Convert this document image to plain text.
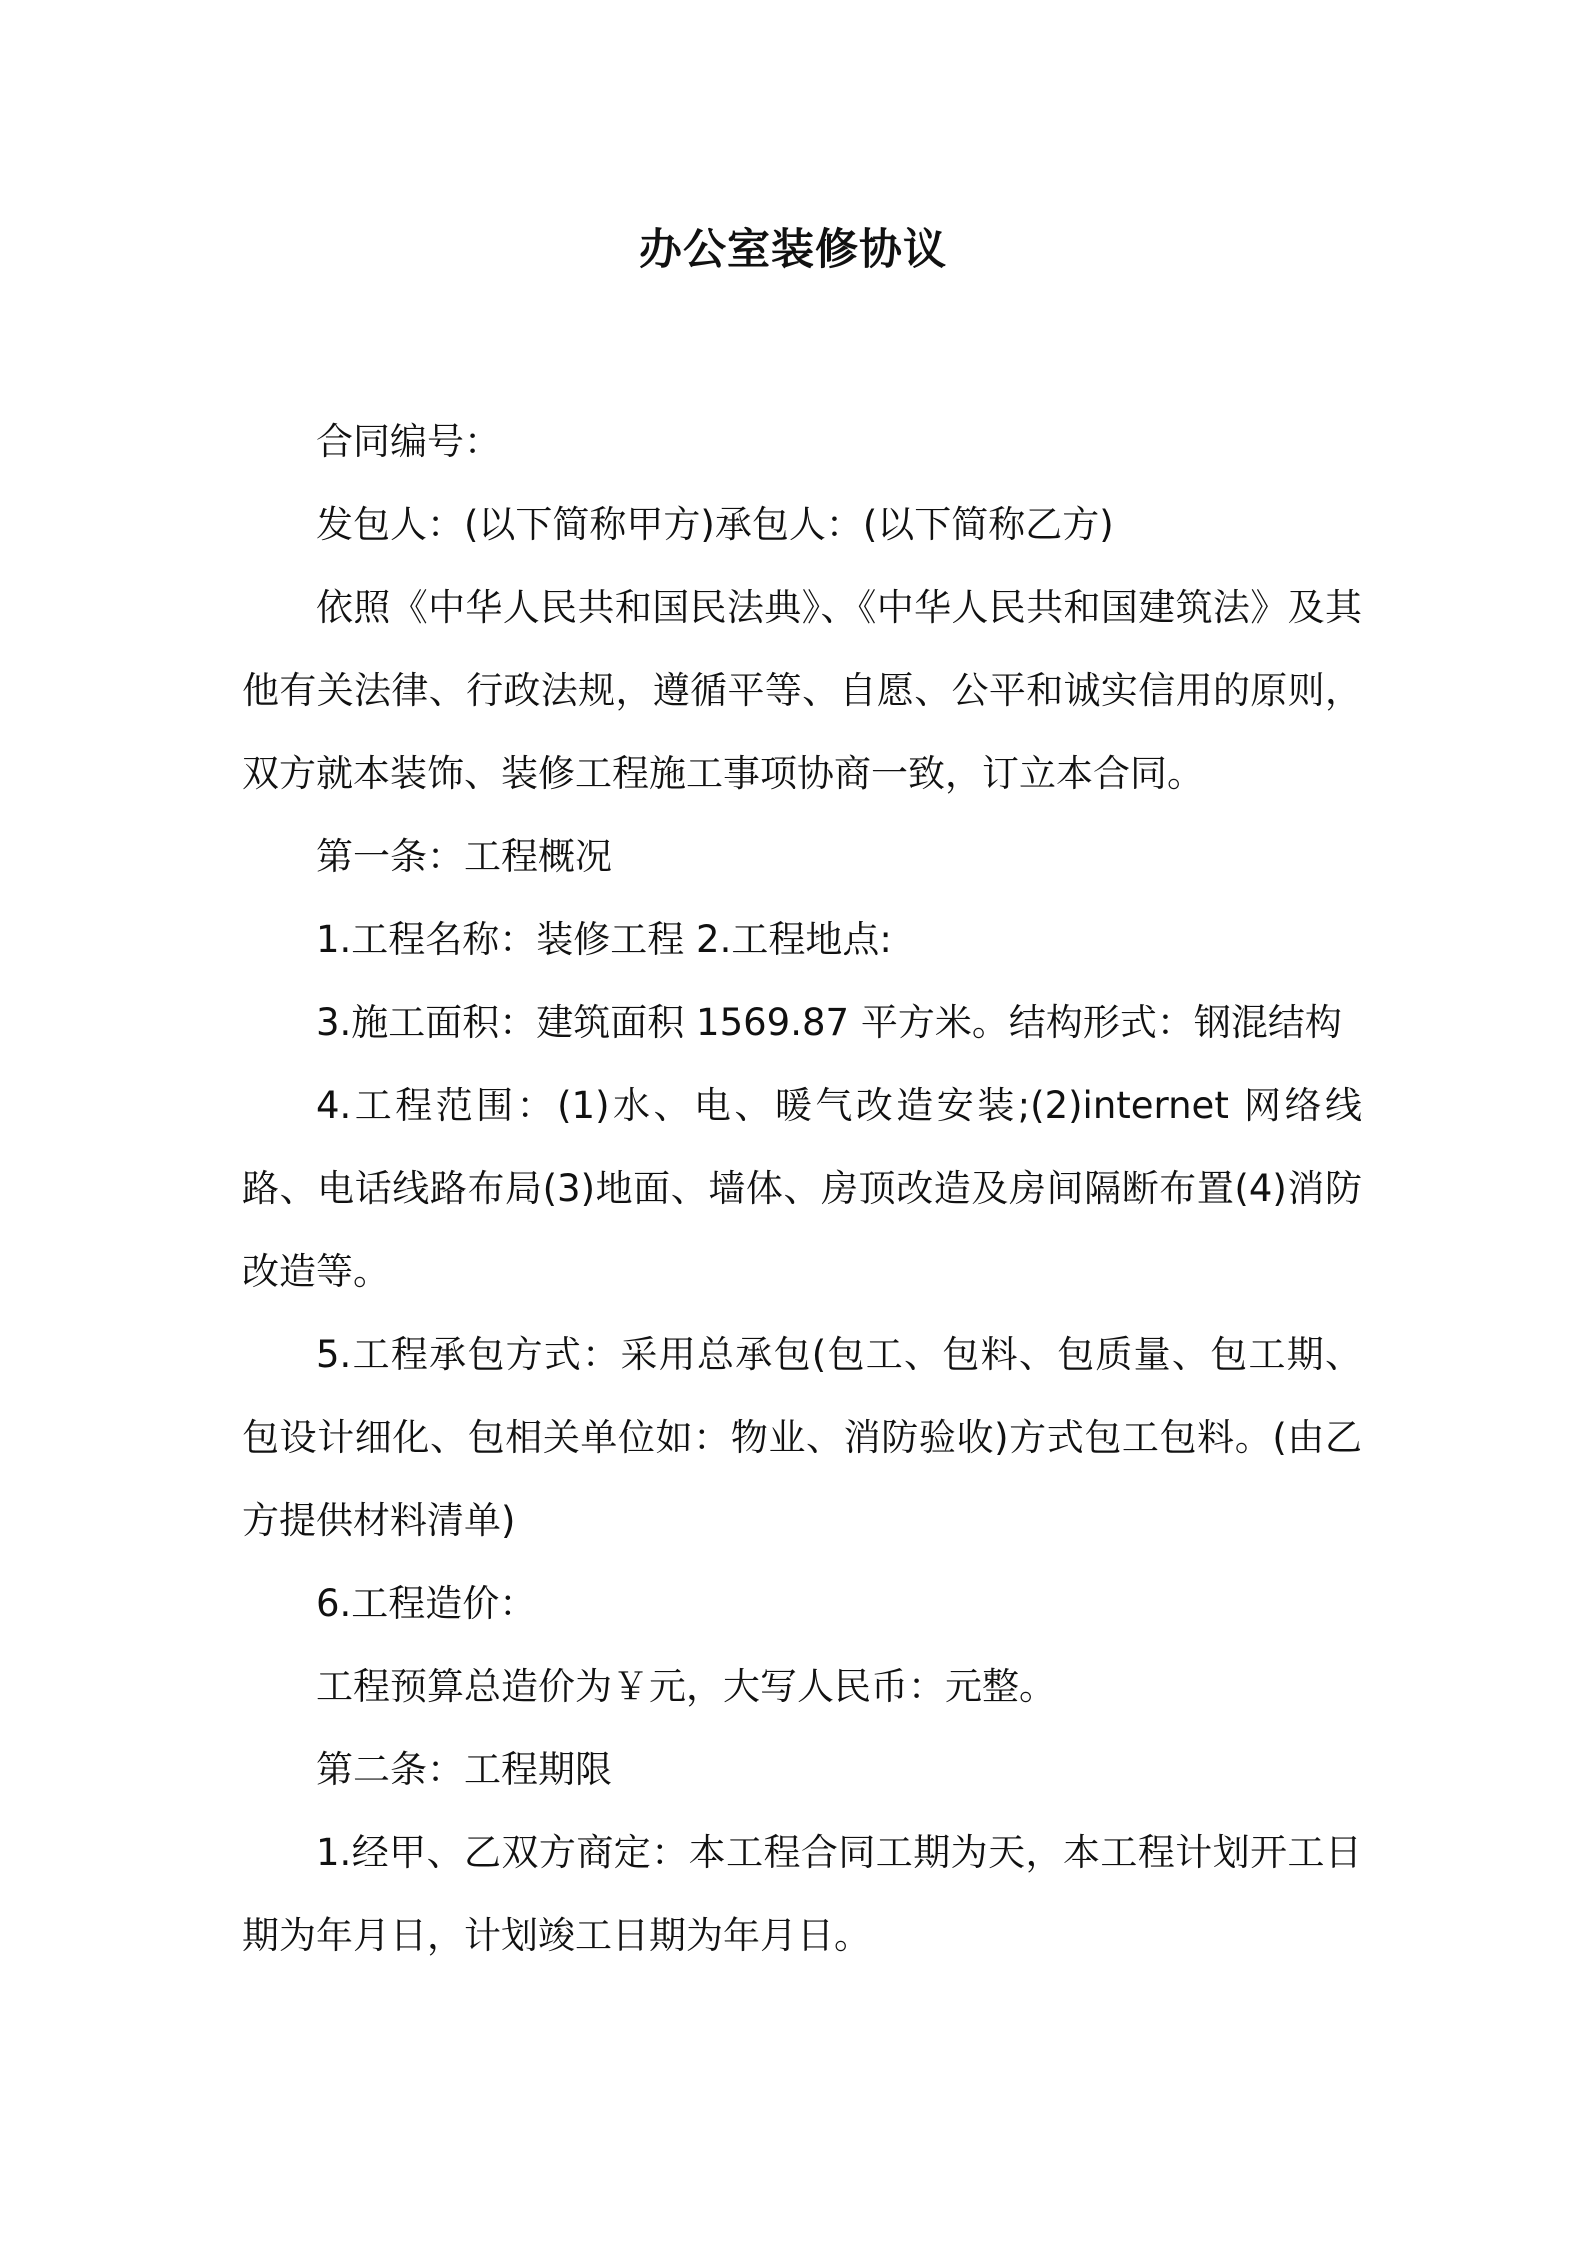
办公室装修协议

合同编号：

发包人：(以下简称甲方)承包人：(以下简称乙方)

依照《中华人民共和国民法典》、《中华人民共和国建筑法》及其他有关法律、行政法规，遵循平等、自愿、公平和诚实信用的原则，双方就本装饰、装修工程施工事项协商一致，订立本合同。

第一条：工程概况

1.工程名称：装修工程 2.工程地点:

3.施工面积：建筑面积 1569.87 平方米。结构形式：钢混结构

4.工程范围：(1)水、电、暖气改造安装;(2)internet 网络线路、电话线路布局(3)地面、墙体、房顶改造及房间隔断布置(4)消防改造等。

5.工程承包方式：采用总承包(包工、包料、包质量、包工期、包设计细化、包相关单位如：物业、消防验收)方式包工包料。(由乙方提供材料清单)

6.工程造价：

工程预算总造价为￥元，大写人民币：元整。

第二条：工程期限

1.经甲、乙双方商定：本工程合同工期为天，本工程计划开工日期为年月日，计划竣工日期为年月日。
